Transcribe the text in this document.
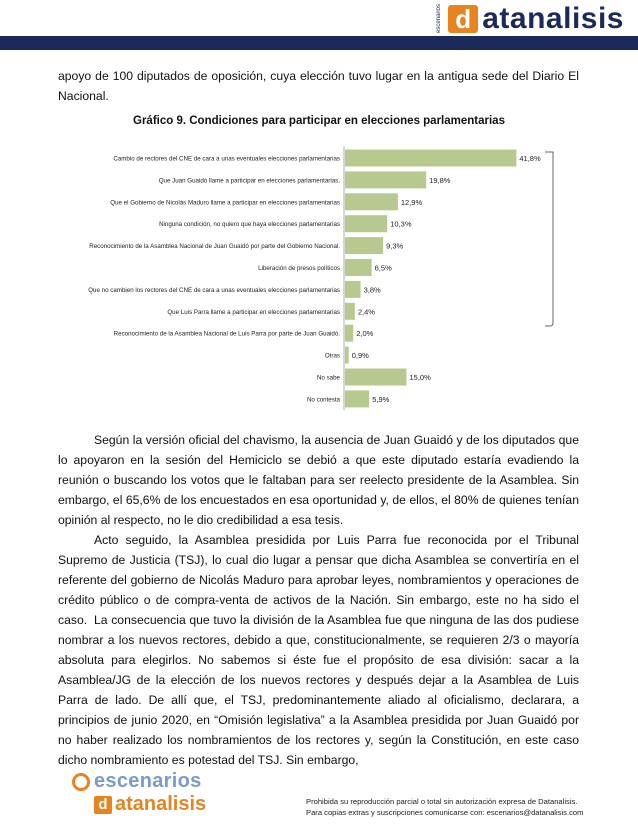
escenarios d atanalisis

apoyo de 100 diputados de oposición, cuya elección tuvo lugar en la antigua sede del Diario El Nacional.

Gráfico 9. Condiciones para participar en elecciones parlamentarias
Cambio de rectores del CNE de cara a unas eventuales elecciones parlamentarias	41,8%
Que Juan Guaidó llame a participar en elecciones parlamentarias.	19,8%
Que el Gobierno de Nicolás Maduro llame a participar en elecciones parlamentarias	12,9%
Ninguna condición, no quiero que haya elecciones parlamentarias	10,3%
Reconocimiento de la Asamblea Nacional de Juan Guaidó por parte del Gobierno Nacional.	9,3%
Liberación de presos políticos	6,5%
Que no cambien los rectores del CNE de cara a unas eventuales elecciones parlamentarias	3,8%
Que Luis Parra llame a participar en elecciones parlamentarias 2,4%
Reconocimiento de la Asamblea Nacional de Luis Parra por parte de Juan Guaidó. 2,0%
Otras 0,9%
No sabe	15,0%
No contesta	5,9%

Según la versión oficial del chavismo, la ausencia de Juan Guaidó y de los diputados que lo apoyaron en la sesión del Hemiciclo se debió a que este diputado estaría evadiendo la reunión o buscando los votos que le faltaban para ser reelecto presidente de la Asamblea. Sin embargo, el 65,6% de los encuestados en esa oportunidad y, de ellos, el 80% de quienes tenían opinión al respecto, no le dio credibilidad a esa tesis.

Acto seguido, la Asamblea presidida por Luis Parra fue reconocida por el Tribunal Supremo de Justicia (TSJ), lo cual dio lugar a pensar que dicha Asamblea se convertiría en el referente del gobierno de Nicolás Maduro para aprobar leyes, nombramientos y operaciones de crédito público o de compra-venta de activos de la Nación. Sin embargo, este no ha sido el caso. La consecuencia que tuvo la división de la Asamblea fue que ninguna de las dos pudiese nombrar a los nuevos rectores, debido a que, constitucionalmente, se requieren 2/3 o mayoría absoluta para elegirlos. No sabemos si éste fue el propósito de esa división: sacar a la Asamblea/JG de la elección de los nuevos rectores y después dejar a la Asamblea de Luis Parra de lado. De allí que, el TSJ, predominantemente aliado al oficialismo, declarara, a principios de junio 2020, en “Omisión legislativa” a la Asamblea presidida por Juan Guaidó por no haber realizado los nombramientos de los rectores y, según la Constitución, en este caso dicho nombramiento es potestad del TSJ. Sin embargo,

escenarios
d atanalisis	Prohibida su reproducción parcial o total sin autorización expresa de Datanalisis.
Para copias extras y suscripciones comunicarse con: escenarios@datanalisis.com
